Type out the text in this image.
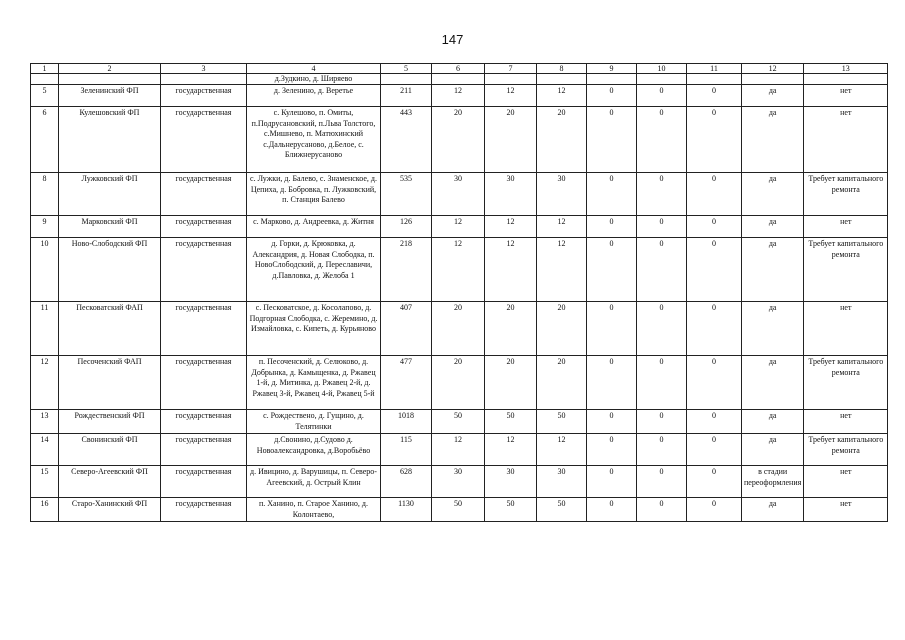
147
1	2	3	4	5	6	7	8	9	10	11	12	13
			д.Зудкино, д. Ширяево									
5	Зеленинский ФП	государственная	д. Зеленино, д. Веретье	211	12	12	12	0	0	0	да	нет
6	Кулешовский ФП	государственная	с. Кулешово, п. Омиты, п.Подрусановский, п.Льва Толстого, с.Мишнево, п. Матюхинский с.Дальнерусаново, д.Белое, с. Ближнерусаново	443	20	20	20	0	0	0	да	нет
8	Лужковский ФП	государственная	с. Лужки, д. Балево, с. Знаменское, д. Цепиха, д. Бобровка, п. Лужковский, п. Станция Балево	535	30	30	30	0	0	0	да	Требует капитального ремонта
9	Марковский ФП	государственная	с. Марково, д. Андреевка, д. Житня	126	12	12	12	0	0	0	да	нет
10	Ново-Слободский ФП	государственная	д. Горки, д. Крюковка, д. Александрия, д. Новая Слободка, п. НовоСлободский, д. Переславичи, д.Павловка, д. Желоба 1	218	12	12	12	0	0	0	да	Требует капитального ремонта
11	Песковатский ФАП	государственная	с. Песковатское, д. Косолапово, д. Подгорная Слободка, с. Жеремино, д. Измайловка, с. Кипеть, д. Курьяново	407	20	20	20	0	0	0	да	нет
12	Песоченский ФАП	государственная	п. Песоченский, д. Селюково, д. Добрынка, д. Камыщенка, д. Ржавец 1-й, д. Митинка, д. Ржавец 2-й, д. Ржавец 3-й, Ржавец 4-й, Ржавец 5-й	477	20	20	20	0	0	0	да	Требует капитального ремонта
13	Рождественский ФП	государственная	с. Рождествено, д. Гущино, д. Телятинки	1018	50	50	50	0	0	0	да	нет
14	Свонинский ФП	государственная	д.Свонино, д.Судово д. Новоалександровка, д.Воробьёво	115	12	12	12	0	0	0	да	Требует капитального ремонта
15	Северо-Агеевский ФП	государственная	д. Ивицино, д. Варушицы, п. Северо-Агеевский, д. Острый Клин	628	30	30	30	0	0	0	в стадии переоформления	нет
16	Старо-Ханинский ФП	государственная	п. Ханино, п. Старое Ханино, д. Колонтаево,	1130	50	50	50	0	0	0	да	нет
